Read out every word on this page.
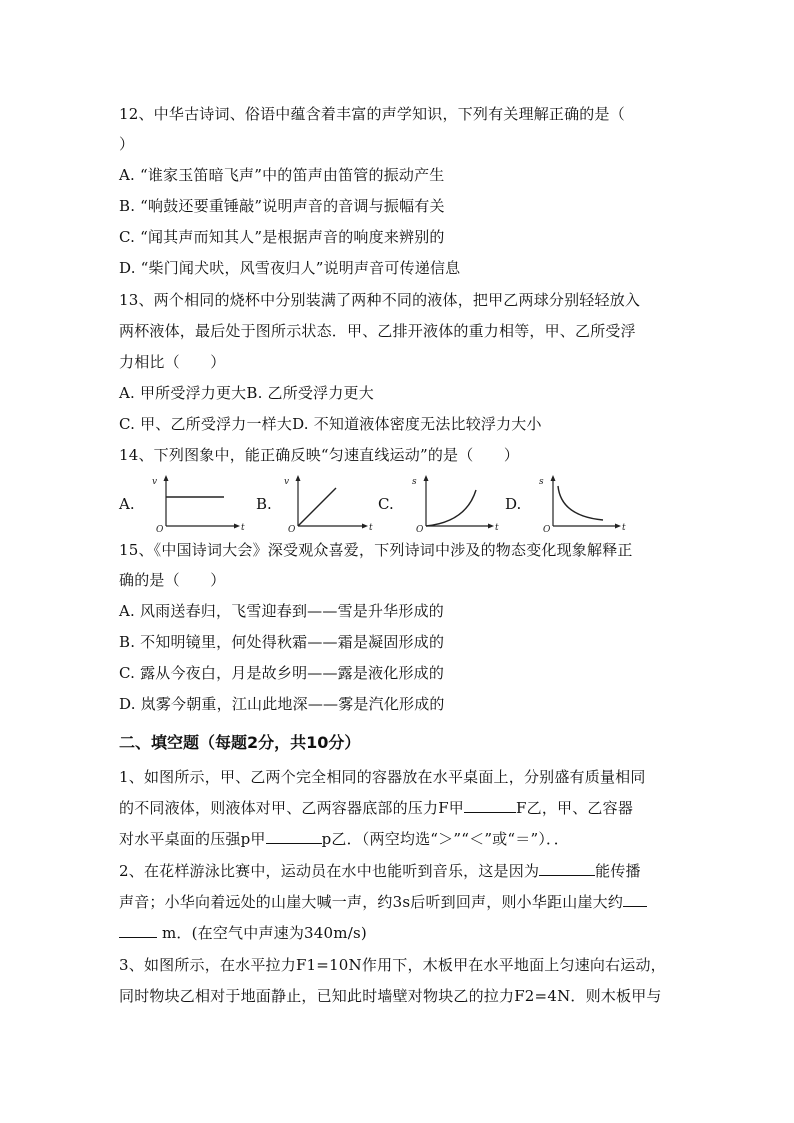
12、中华古诗词、俗语中蕴含着丰富的声学知识，下列有关理解正确的是（
）
A. “谁家玉笛暗飞声”中的笛声由笛管的振动产生
B. “响鼓还要重锤敲”说明声音的音调与振幅有关
C. “闻其声而知其人”是根据声音的响度来辨别的
D. “柴门闻犬吠，风雪夜归人”说明声音可传递信息
13、两个相同的烧杯中分别装满了两种不同的液体，把甲乙两球分别轻轻放入
两杯液体，最后处于图所示状态．甲、乙排开液体的重力相等，甲、乙所受浮
力相比（　　）
A. 甲所受浮力更大B. 乙所受浮力更大
C. 甲、乙所受浮力一样大D. 不知道液体密度无法比较浮力大小
14、下列图象中，能正确反映“匀速直线运动”的是（　　）
A.
v
t
O
B.
v
t
O
C.
s
t
O
D.
s
t
O
15、《中国诗词大会》深受观众喜爱，下列诗词中涉及的物态变化现象解释正
确的是（　　）
A. 风雨送春归，飞雪迎春到——雪是升华形成的
B. 不知明镜里，何处得秋霜——霜是凝固形成的
C. 露从今夜白，月是故乡明——露是液化形成的
D. 岚雾今朝重，江山此地深——雾是汽化形成的
二、填空题（每题2分，共10分）
1、如图所示，甲、乙两个完全相同的容器放在水平桌面上，分别盛有质量相同
的不同液体，则液体对甲、乙两容器底部的压力F甲	F乙，甲、乙容器
对水平桌面的压强p甲	p乙．（两空均选“＞”“＜”或“＝”）．．
2、在花样游泳比赛中，运动员在水中也能听到音乐，这是因为	能传播
声音；小华向着远处的山崖大喊一声，约3s后听到回声，则小华距山崖大约
m．(在空气中声速为340m/s)
3、如图所示，在水平拉力F1=10N作用下，木板甲在水平地面上匀速向右运动，
同时物块乙相对于地面静止，已知此时墙壁对物块乙的拉力F2=4N．则木板甲与
